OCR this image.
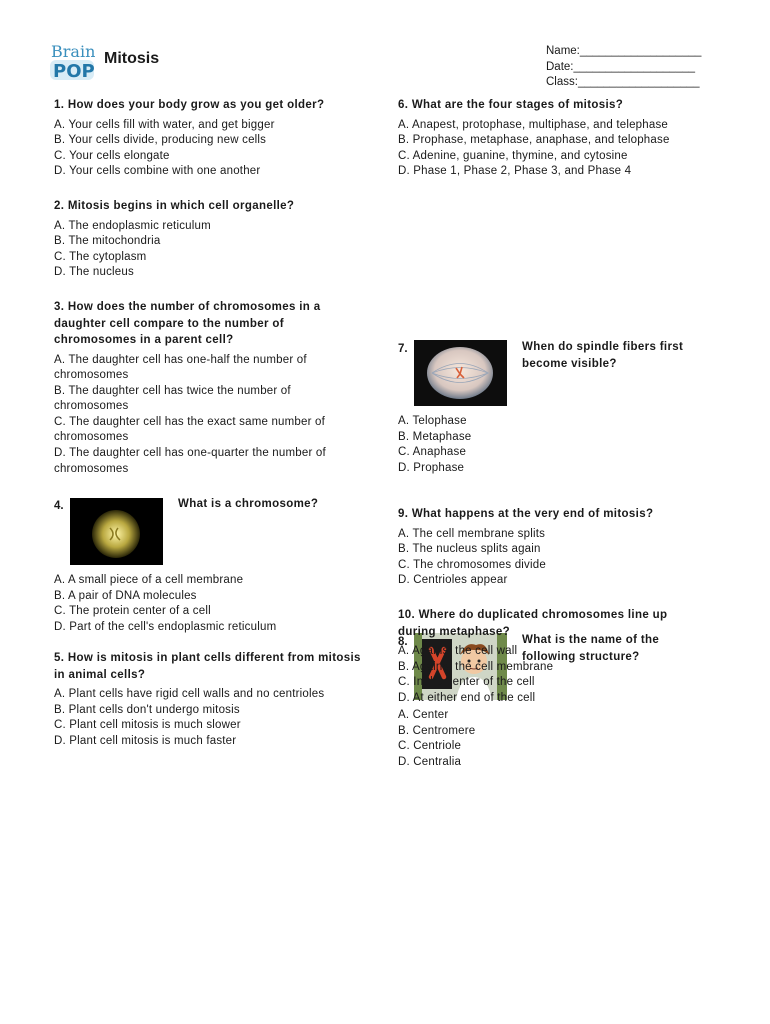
Brain
POP
Mitosis	Name:___________________
Date:___________________
Class:___________________
1. How does your body grow as you get older?
A. Your cells fill with water, and get bigger
B. Your cells divide, producing new cells
C. Your cells elongate
D. Your cells combine with one another
2. Mitosis begins in which cell organelle?
A. The endoplasmic reticulum
B. The mitochondria
C. The cytoplasm
D. The nucleus
3. How does the number of chromosomes in a daughter cell compare to the number of chromosomes in a parent cell?
A. The daughter cell has one-half the number of chromosomes
B. The daughter cell has twice the number of chromosomes
C. The daughter cell has the exact same number of chromosomes
D. The daughter cell has one-quarter the number of chromosomes
4.	What is a chromosome?
A. A small piece of a cell membrane
B. A pair of DNA molecules
C. The protein center of a cell
D. Part of the cell's endoplasmic reticulum
5. How is mitosis in plant cells different from mitosis in animal cells?
A. Plant cells have rigid cell walls and no centrioles
B. Plant cells don't undergo mitosis
C. Plant cell mitosis is much slower
D. Plant cell mitosis is much faster
6. What are the four stages of mitosis?
A. Anapest, protophase, multiphase, and telephase
B. Prophase, metaphase, anaphase, and telophase
C. Adenine, guanine, thymine, and cytosine
D. Phase 1, Phase 2, Phase 3, and Phase 4
7.	When do spindle fibers first become visible?
A. Telophase
B. Metaphase
C. Anaphase
D. Prophase
8.	What is the name of the following structure?
A. Center
B. Centromere
C. Centriole
D. Centralia
9. What happens at the very end of mitosis?
A. The cell membrane splits
B. The nucleus splits again
C. The chromosomes divide
D. Centrioles appear
10. Where do duplicated chromosomes line up during metaphase?
A. Against the cell wall
B. Against the cell membrane
C. In the center of the cell
D. At either end of the cell
